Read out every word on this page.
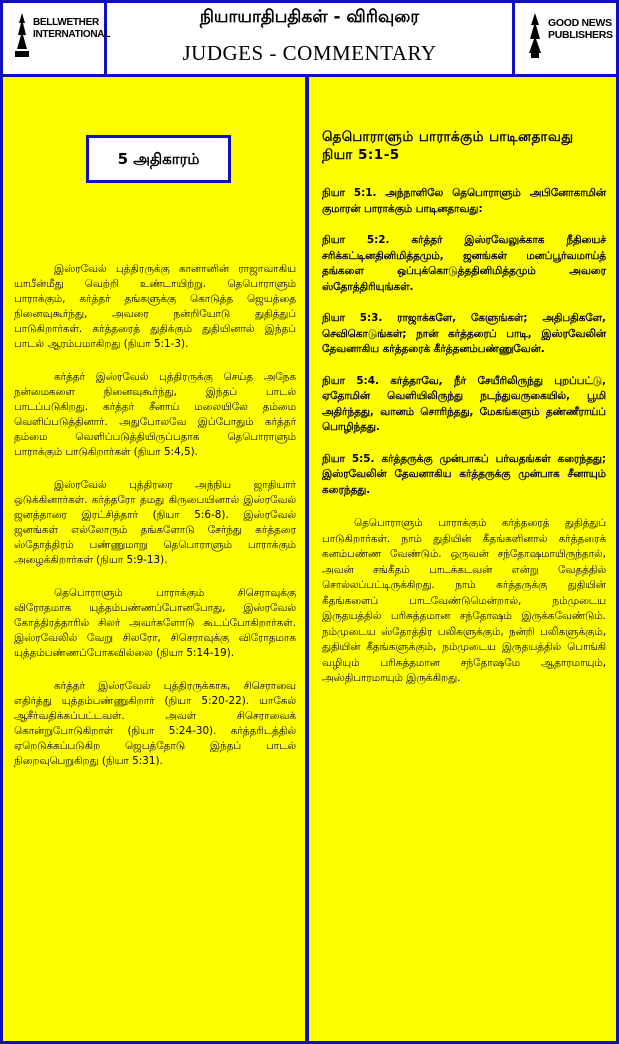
BELLWETHER INTERNATIONAL
நியாயாதிபதிகள் - விரிவுரை
JUDGES - COMMENTARY
GOOD NEWS PUBLISHERS
5 அதிகாரம்

இஸ்ரவேல் புத்திரருக்கு கானானின் ராஜாவாகிய யாபீன்மீது வெற்றி உண்டாயிற்று. தெபொராளும் பாராக்கும், கர்த்தர் தங்களுக்கு கொடுத்த ஜெயத்தை நினைவுகூர்ந்து, அவரை நன்றியோடு துதித்துப் பாடுகிறார்கள். கர்த்தரைத் துதிக்கும் துதியினால் இந்தப் பாடல் ஆரம்பமாகிறது (நியா 5:1-3).

கர்த்தர் இஸ்ரவேல் புத்திரருக்கு செய்த அநேக நன்மைகளை நினைவுகூர்ந்து, இந்தப் பாடல் பாடப்படுகிறது. கர்த்தர் சீனாய் மலையிலே தம்மை வெளிப்படுத்தினார். அதுபோலவே இப்போதும் கர்த்தர் தம்மை வெளிப்படுத்தியிருப்பதாக தெபொராளும் பாராக்கும் பாடுகிறார்கள் (நியா 5:4,5).

இஸ்ரவேல் புத்திரரை அந்நிய ஜாதியார் ஒடுக்கினார்கள். கர்த்தரோ தமது கிருபையினால் இஸ்ரவேல் ஜனத்தாரை இரட்சித்தார் (நியா 5:6-8). இஸ்ரவேல் ஜனங்கள் எல்லோரும் தங்களோடு சேர்ந்து கர்த்தரை ஸ்தோத்திரம் பண்ணுமாறு தெபொராளும் பாராக்கும் அழைக்கிறார்கள் (நியா 5:9-13).

தெபொராளும் பாராக்கும் சிசெராவுக்கு விரோதமாக யுத்தம்பண்ணப்போனபோது, இஸ்ரவேல் கோத்திரத்தாரில் சிலர் அவர்களோடு கூடப்போகிறார்கள். இஸ்ரவேலில் வேறு சிலரோ, சிசெராவுக்கு விரோதமாக யுத்தம்பண்ணப்போகவில்லை (நியா 5:14-19).

கர்த்தர் இஸ்ரவேல் புத்திரருக்காக, சிசெராவை எதிர்த்து யுத்தம்பண்ணுகிறார் (நியா 5:20-22). யாகேல் ஆசீர்வதிக்கப்பட்டவள். அவள் சிசெராவைக் கொன்றுபோடுகிறாள் (நியா 5:24-30). கர்த்தரிடத்தில் ஏறெடுக்கப்படுகிற ஜெபத்தோடு இந்தப் பாடல் நிறைவுபெறுகிறது (நியா 5:31).

தெபொராளும் பாராக்கும் பாடினதாவது நியா 5:1-5
நியா 5:1. அந்நாளிலே தெபொராளும் அபினோகாமின் குமாரன் பாராக்கும் பாடினதாவது:
நியா 5:2. கர்த்தர் இஸ்ரவேலுக்காக நீதியைச் சரிக்கட்டினதினிமித்தமும், ஜனங்கள் மனப்பூர்வமாய்த் தங்களை ஒப்புக்கொடுத்ததினிமித்தமும் அவரை ஸ்தோத்திரியுங்கள்.
நியா 5:3. ராஜாக்களே, கேளுங்கள்; அதிபதிகளே, செவிகொடுங்கள்; நான் கர்த்தரைப் பாடி, இஸ்ரவேலின் தேவனாகிய கர்த்தரைக் கீர்த்தனம்பண்ணுவேன்.
நியா 5:4. கர்த்தாவே, நீர் சேயீரிலிருந்து புறப்பட்டு, ஏதோமின் வெளியிலிருந்து நடந்துவருகையில், பூமி அதிர்ந்தது, வானம் சொரிந்தது, மேகங்களும் தண்ணீராய்ப் பொழிந்தது.
நியா 5:5. கர்த்தருக்கு முன்பாகப் பர்வதங்கள் கரைந்தது; இஸ்ரவேலின் தேவனாகிய கர்த்தருக்கு முன்பாக சீனாயும் கரைந்தது.
தெபொராளும் பாராக்கும் கர்த்தரைத் துதித்துப் பாடுகிறார்கள். நாம் துதியின் கீதங்களினால் கர்த்தரைக் கனம்பண்ண வேண்டும். ஒருவன் சந்தோஷமாயிருந்தால், அவன் சங்கீதம் பாடக்கடவன் என்று வேதத்தில் சொல்லப்பட்டிருக்கிறது. நாம் கர்த்தருக்கு துதியின் கீதங்களைப் பாடவேண்டுமென்றால், நம்முடைய இருதயத்தில் பரிசுத்தமான சந்தோஷம் இருக்கவேண்டும். நம்முடைய ஸ்தோத்திர பலிகளுக்கும், நன்றி பலிகளுக்கும், துதியின் கீதங்களுக்கும், நம்முடைய இருதயத்தில் பொங்கி வழியும் பரிசுத்தமான சந்தோஷமே ஆதாரமாயும், அஸ்திபாரமாயும் இருக்கிறது.
